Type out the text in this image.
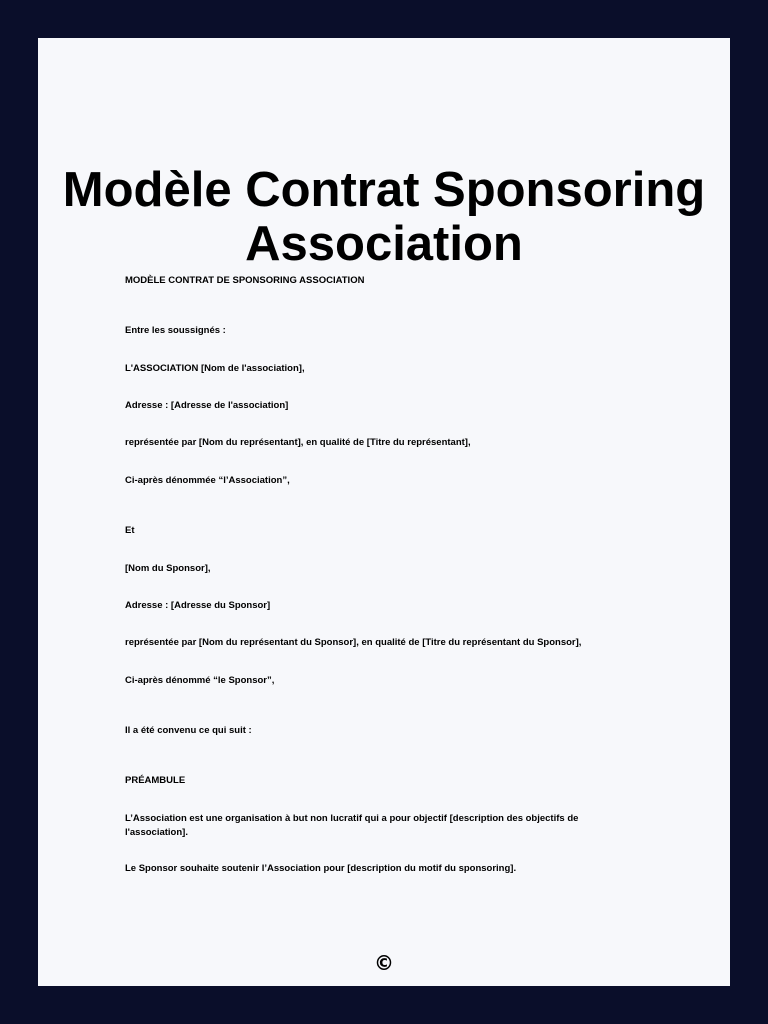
Modèle Contrat Sponsoring Association

MODÈLE CONTRAT DE SPONSORING ASSOCIATION

Entre les soussignés :

L'ASSOCIATION [Nom de l'association],

Adresse : [Adresse de l'association]

représentée par [Nom du représentant], en qualité de [Titre du représentant],

Ci-après dénommée “l’Association”,

Et

[Nom du Sponsor],

Adresse : [Adresse du Sponsor]

représentée par [Nom du représentant du Sponsor], en qualité de [Titre du représentant du Sponsor],

Ci-après dénommé “le Sponsor”,

Il a été convenu ce qui suit :

PRÉAMBULE

L’Association est une organisation à but non lucratif qui a pour objectif [description des objectifs de l'association].

Le Sponsor souhaite soutenir l’Association pour [description du motif du sponsoring].

©
